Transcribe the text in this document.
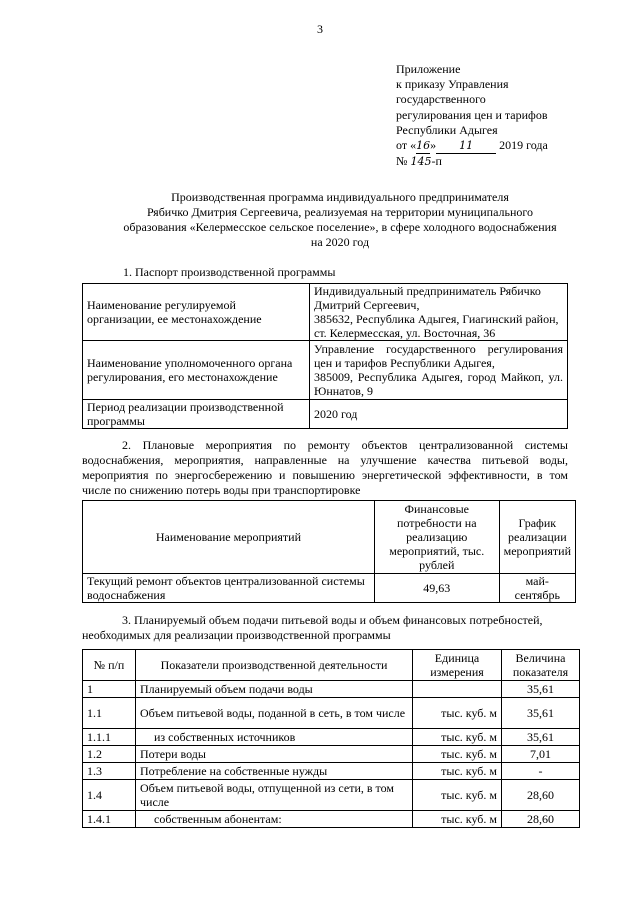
3
Приложение
к приказу Управления
государственного
регулирования цен и тарифов
Республики Адыгея
от «16» 11 2019 года
№ 145-п
Производственная программа индивидуального предпринимателя
Рябичко Дмитрия Сергеевича, реализуемая на территории муниципального
образования «Келермесское сельское поселение», в сфере холодного водоснабжения
на 2020 год
1. Паспорт производственной программы
Наименование регулируемой организации, ее местонахождение	Индивидуальный предприниматель Рябичко Дмитрий Сергеевич,
385632, Республика Адыгея, Гиагинский район, ст. Келермесская, ул. Восточная, 36

Наименование уполномоченного органа регулирования, его местонахождение	Управление государственного регулирования цен и тарифов Республики Адыгея,
385009, Республика Адыгея, город Майкоп, ул. Юннатов, 9

Период реализации производственной программы	2020 год
2. Плановые мероприятия по ремонту объектов централизованной системы водоснабжения, мероприятия, направленные на улучшение качества питьевой воды, мероприятия по энергосбережению и повышению энергетической эффективности, в том числе по снижению потерь воды при транспортировке
Наименование мероприятий	Финансовые потребности на реализацию мероприятий, тыс. рублей	График реализации мероприятий
Текущий ремонт объектов централизованной системы водоснабжения	49,63	май-сентябрь
3. Планируемый объем подачи питьевой воды и объем финансовых потребностей, необходимых для реализации производственной программы
№ п/п	Показатели производственной деятельности	Единица измерения	Величина показателя
1	Планируемый объем подачи воды		35,61
1.1	Объем питьевой воды, поданной в сеть, в том числе	тыс. куб. м	35,61
1.1.1	из собственных источников	тыс. куб. м	35,61
1.2	Потери воды	тыс. куб. м	7,01
1.3	Потребление на собственные нужды	тыс. куб. м	-
1.4	Объем питьевой воды, отпущенной из сети, в том числе	тыс. куб. м	28,60
1.4.1	собственным абонентам:	тыс. куб. м	28,60
